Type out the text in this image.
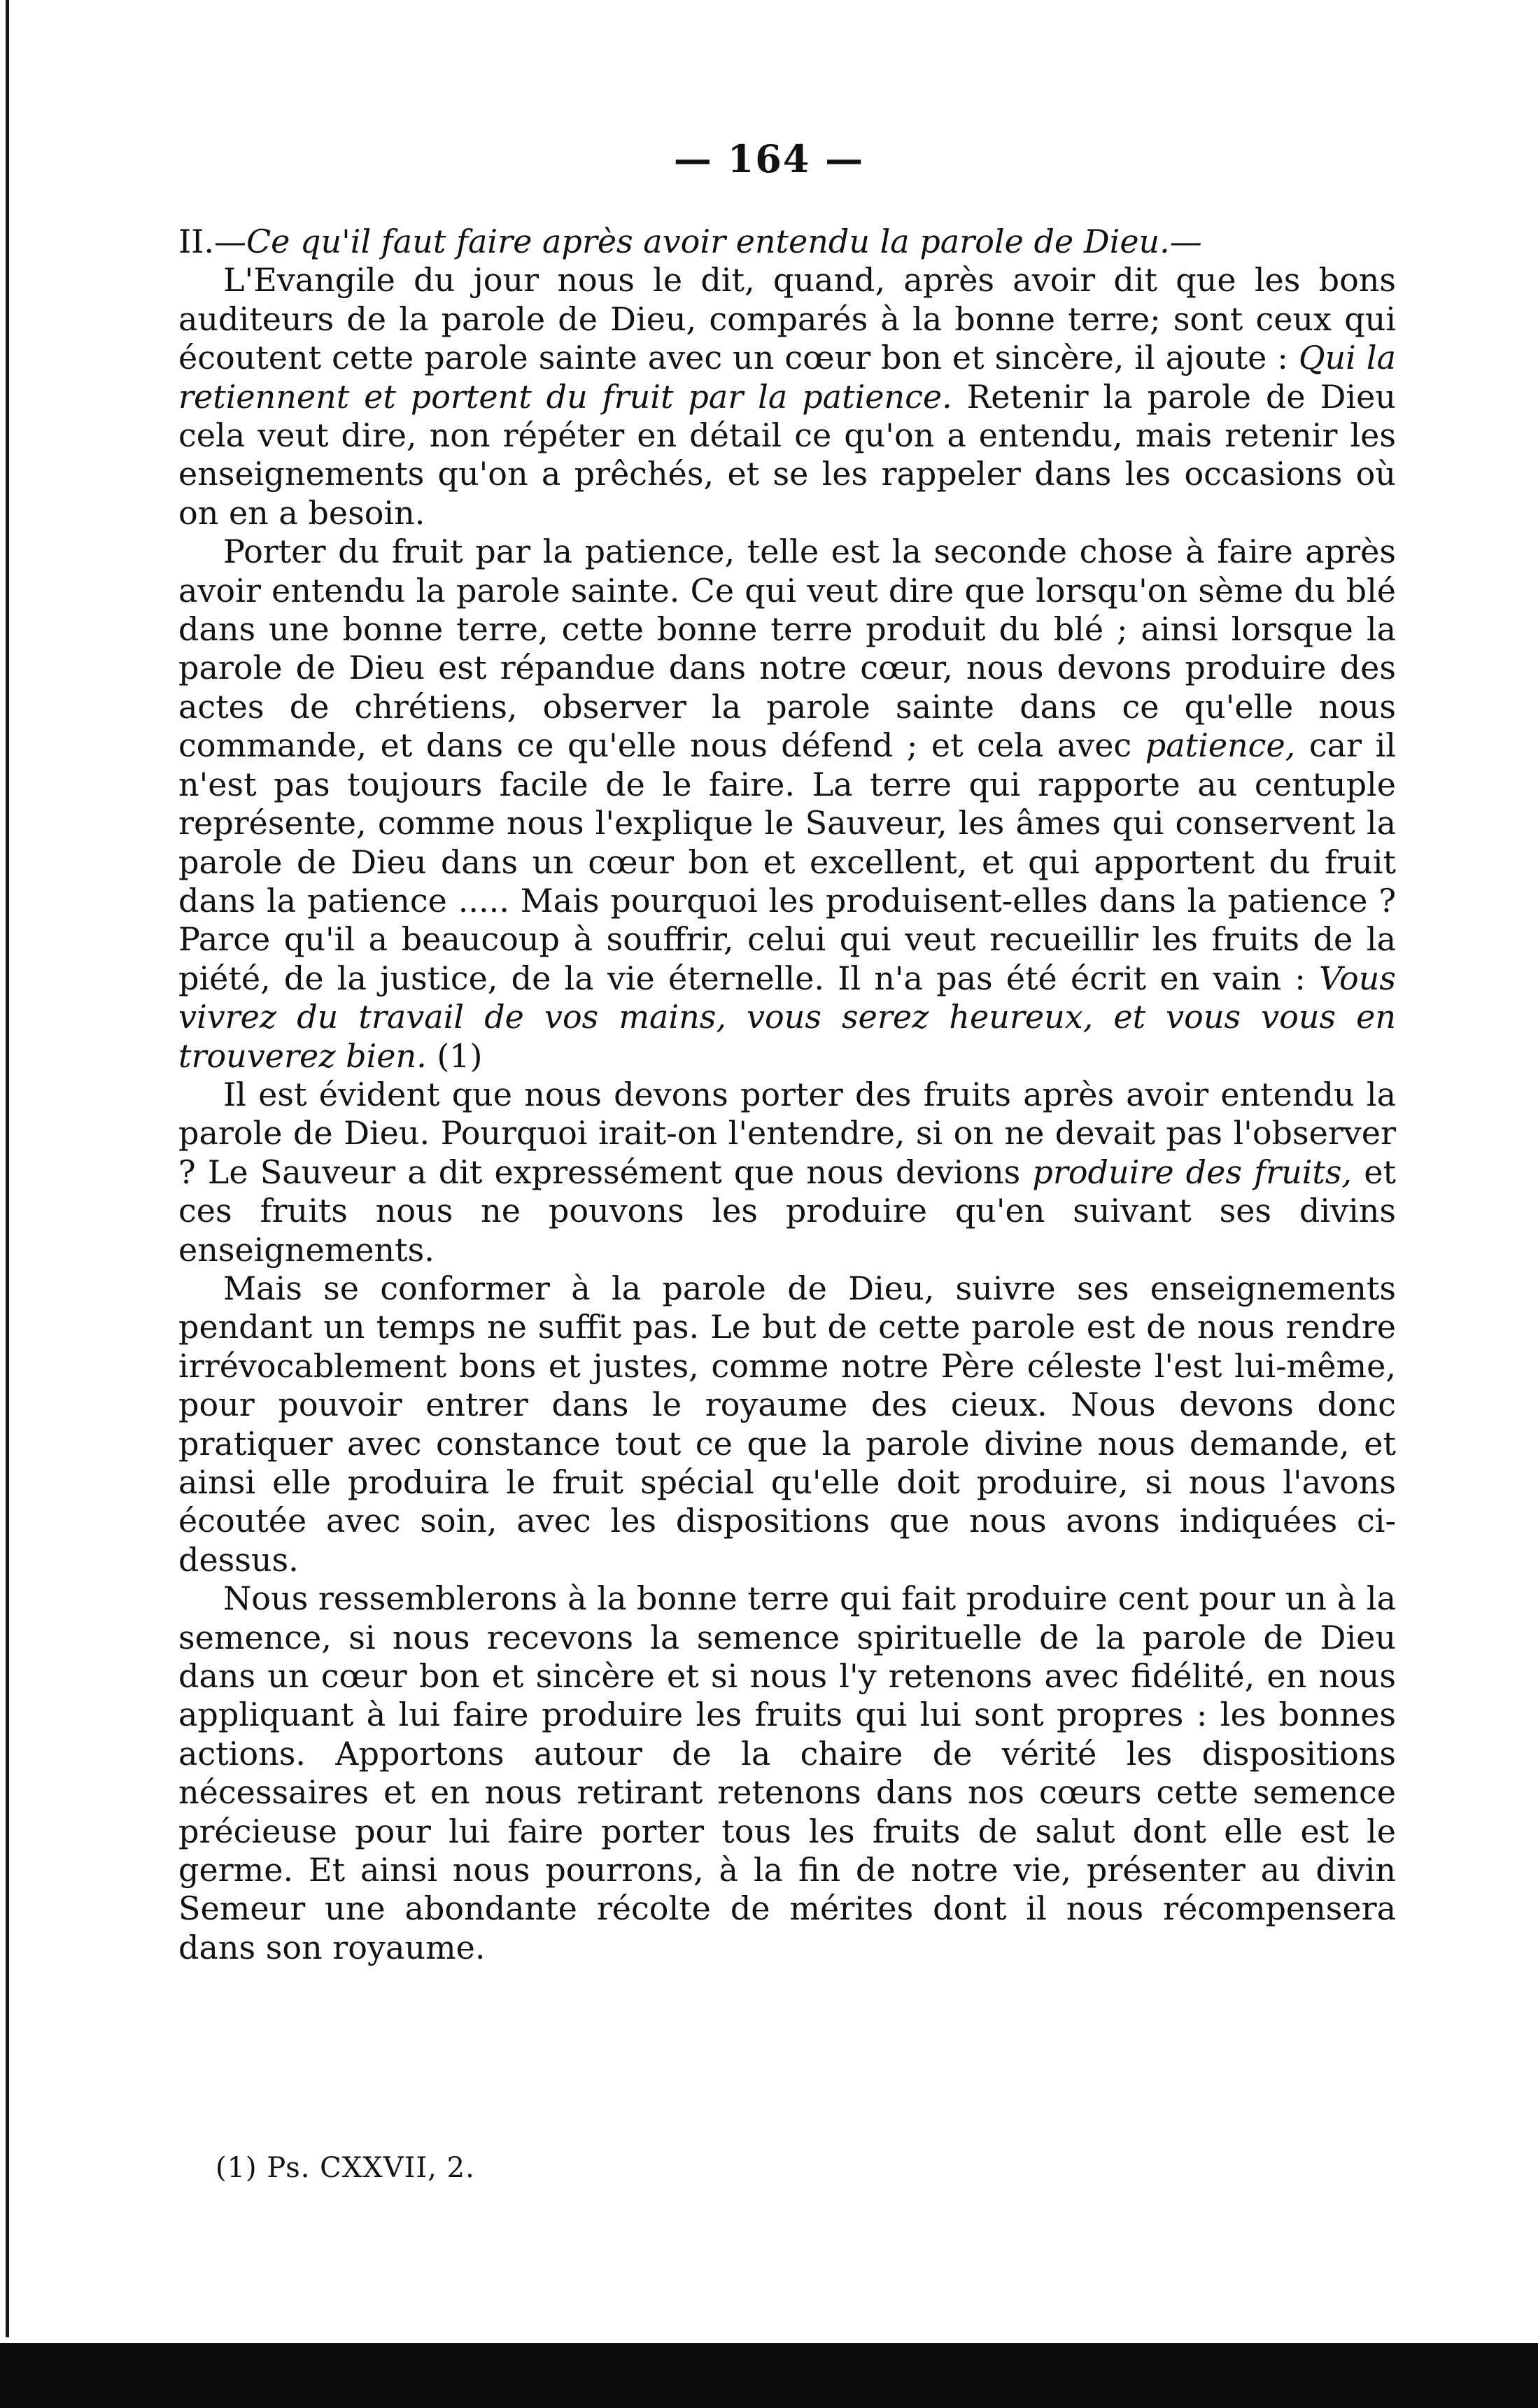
— 164 —

II.—Ce qu'il faut faire après avoir entendu la parole de Dieu.—

L'Evangile du jour nous le dit, quand, après avoir dit que les bons auditeurs de la parole de Dieu, comparés à la bonne terre; sont ceux qui écoutent cette parole sainte avec un cœur bon et sincère, il ajoute : Qui la retiennent et portent du fruit par la patience. Retenir la parole de Dieu cela veut dire, non répéter en détail ce qu'on a entendu, mais retenir les enseignements qu'on a prêchés, et se les rappeler dans les occasions où on en a besoin.

Porter du fruit par la patience, telle est la seconde chose à faire après avoir entendu la parole sainte. Ce qui veut dire que lorsqu'on sème du blé dans une bonne terre, cette bonne terre produit du blé ; ainsi lorsque la parole de Dieu est répandue dans notre cœur, nous devons produire des actes de chrétiens, observer la parole sainte dans ce qu'elle nous commande, et dans ce qu'elle nous défend ; et cela avec patience, car il n'est pas toujours facile de le faire. La terre qui rapporte au centuple représente, comme nous l'explique le Sauveur, les âmes qui conservent la parole de Dieu dans un cœur bon et excellent, et qui apportent du fruit dans la patience ..... Mais pourquoi les produisent-elles dans la patience ? Parce qu'il a beaucoup à souffrir, celui qui veut recueillir les fruits de la piété, de la justice, de la vie éternelle. Il n'a pas été écrit en vain : Vous vivrez du travail de vos mains, vous serez heureux, et vous vous en trouverez bien. (1)

Il est évident que nous devons porter des fruits après avoir entendu la parole de Dieu. Pourquoi irait-on l'entendre, si on ne devait pas l'observer ? Le Sauveur a dit expressément que nous devions produire des fruits, et ces fruits nous ne pouvons les produire qu'en suivant ses divins enseignements.

Mais se conformer à la parole de Dieu, suivre ses enseignements pendant un temps ne suffit pas. Le but de cette parole est de nous rendre irrévocablement bons et justes, comme notre Père céleste l'est lui-même, pour pouvoir entrer dans le royaume des cieux. Nous devons donc pratiquer avec constance tout ce que la parole divine nous demande, et ainsi elle produira le fruit spécial qu'elle doit produire, si nous l'avons écoutée avec soin, avec les dispositions que nous avons indiquées ci-dessus.

Nous ressemblerons à la bonne terre qui fait produire cent pour un à la semence, si nous recevons la semence spirituelle de la parole de Dieu dans un cœur bon et sincère et si nous l'y retenons avec fidélité, en nous appliquant à lui faire produire les fruits qui lui sont propres : les bonnes actions. Apportons autour de la chaire de vérité les dispositions nécessaires et en nous retirant retenons dans nos cœurs cette semence précieuse pour lui faire porter tous les fruits de salut dont elle est le germe. Et ainsi nous pourrons, à la fin de notre vie, présenter au divin Semeur une abondante récolte de mérites dont il nous récompensera dans son royaume.

(1) Ps. CXXVII, 2.
